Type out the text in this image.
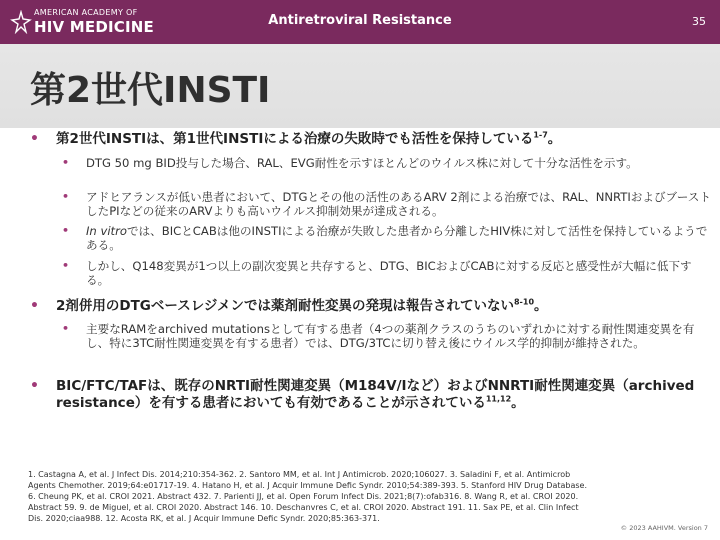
AMERICAN ACADEMY OF
HIV MEDICINE	Antiretroviral Resistance	35
第2世代INSTI
• 第2世代INSTIは、第1世代INSTIによる治療の失敗時でも活性を保持している$^{1-7}$。
• DTG 50 mg BID投与した場合、RAL、EVG耐性を示すほとんどのウイルス株に対して十分な活性を示す。
• アドヒアランスが低い患者において、DTGとその他の活性のあるARV 2剤による治療では、RAL、NNRTIおよびブーストしたPIなどの従来のARVよりも高いウイルス抑制効果が達成される。
• In vitroでは、BICとCABは他のINSTIによる治療が失敗した患者から分離したHIV株に対して活性を保持しているようである。
• しかし、Q148変異が1つ以上の副次変異と共存すると、DTG、BICおよびCABに対する反応と感受性が大幅に低下する。
• 2剤併用のDTGベースレジメンでは薬剤耐性変異の発現は報告されていない$^{8-10}$。
• 主要なRAMをarchived mutationsとして有する患者（4つの薬剤クラスのうちのいずれかに対する耐性関連変異を有し、特に3TC耐性関連変異を有する患者）では、DTG/3TCに切り替え後にウイルス学的抑制が維持された。
• BIC/FTC/TAFは、既存のNRTI耐性関連変異（M184V/Iなど）およびNNRTI耐性関連変異（archived resistance）を有する患者においても有効であることが示されている$^{11,12}$。
1. Castagna A, et al. J Infect Dis. 2014;210:354-362. 2. Santoro MM, et al. Int J Antimicrob. 2020;106027. 3. Saladini F, et al. Antimicrob Agents Chemother. 2019;64:e01717-19. 4. Hatano H, et al. J Acquir Immune Defic Syndr. 2010;54:389-393. 5. Stanford HIV Drug Database. 6. Cheung PK, et al. CROI 2021. Abstract 432. 7. Parienti JJ, et al. Open Forum Infect Dis. 2021;8(7):ofab316. 8. Wang R, et al. CROI 2020. Abstract 59. 9. de Miguel, et al. CROI 2020. Abstract 146. 10. Deschanvres C, et al. CROI 2020. Abstract 191. 11. Sax PE, et al. Clin Infect Dis. 2020;ciaa988. 12. Acosta RK, et al. J Acquir Immune Defic Syndr. 2020;85:363-371.
© 2023 AAHIVM. Version 7
